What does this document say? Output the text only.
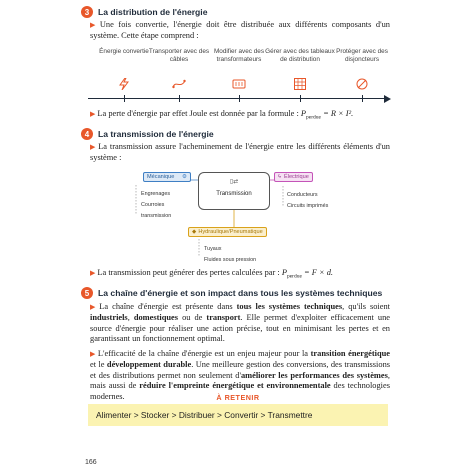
3	La distribution de l'énergie
▶ Une fois convertie, l'énergie doit être distribuée aux différents composants d'un système. Cette étape comprend :
Énergie convertie Transporter avec des câbles
Modifier avec des transformateurs
Gérer avec des tableaux de distribution
Protéger avec des disjoncteurs
▶ La perte d'énergie par effet Joule est donnée par la formule : $P_{perdue} = R \times I^2$.
4	La transmission de l'énergie
▶ La transmission assure l'acheminement de l'énergie entre les différents éléments d'un système :
Mécanique ⚙
Engrenages
Courroies
transmission
▯⇄
Transmission
ϟ Électrique
Conducteurs
Circuits imprimés
◆ Hydraulique/Pneumatique
Tuyaux
Fluides sous pression
▶ La transmission peut générer des pertes calculées par : $P_{perdue} = F \times d$.
5	La chaîne d'énergie et son impact dans tous les systèmes techniques
▶ La chaîne d'énergie est présente dans tous les systèmes techniques, qu'ils soient industriels, domestiques ou de transport. Elle permet d'exploiter efficacement une source d'énergie pour réaliser une action précise, tout en minimisant les pertes et en garantissant un fonctionnement optimal.
▶ L'efficacité de la chaîne d'énergie est un enjeu majeur pour la transition énergétique et le développement durable. Une meilleure gestion des conversions, des transmissions et des distributions permet non seulement d'améliorer les performances des systèmes, mais aussi de réduire l'empreinte énergétique et environnementale des technologies modernes.	À RETENIR
Alimenter > Stocker > Distribuer > Convertir > Transmettre
166
